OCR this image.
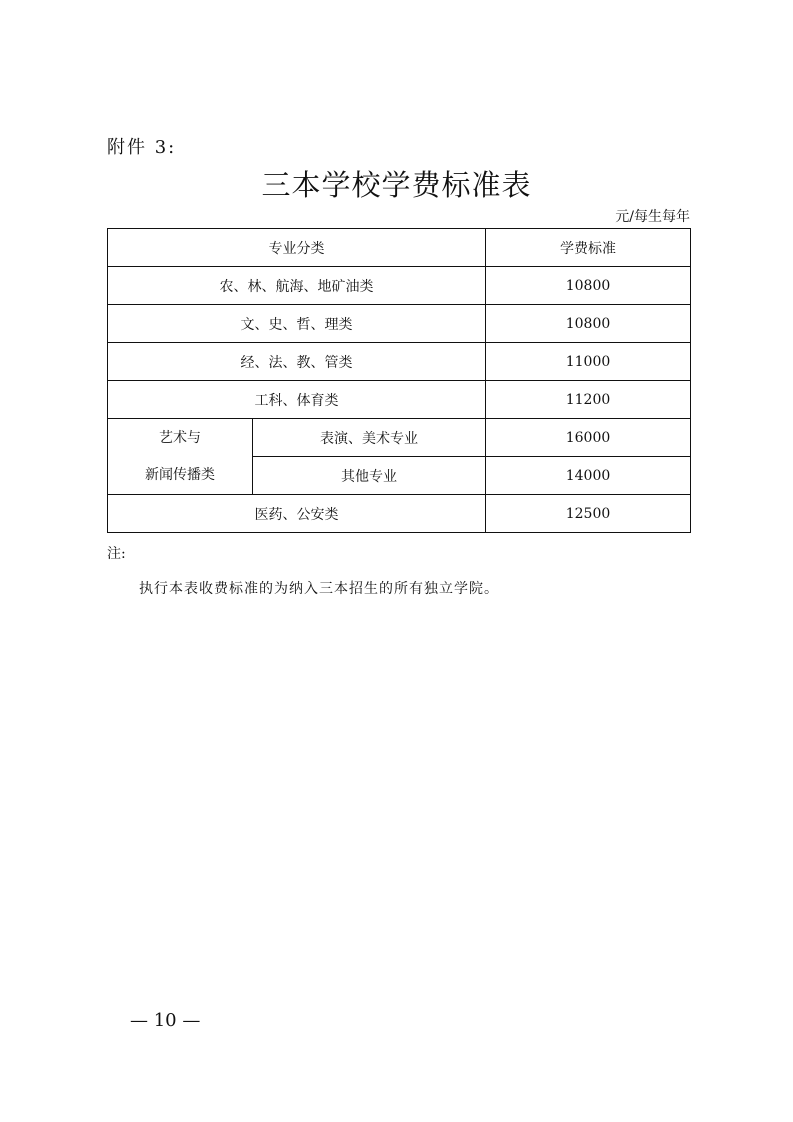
附件 3:
三本学校学费标准表
元/每生每年
专业分类		学费标准
农、林、航海、地矿油类		10800
文、史、哲、理类		10800
经、法、教、管类		11000
工科、体育类		11200

艺术与
新闻传播类	表演、美术专业	16000
	其他专业	14000
医药、公安类		12500
注:
执行本表收费标准的为纳入三本招生的所有独立学院。
— 10 —
